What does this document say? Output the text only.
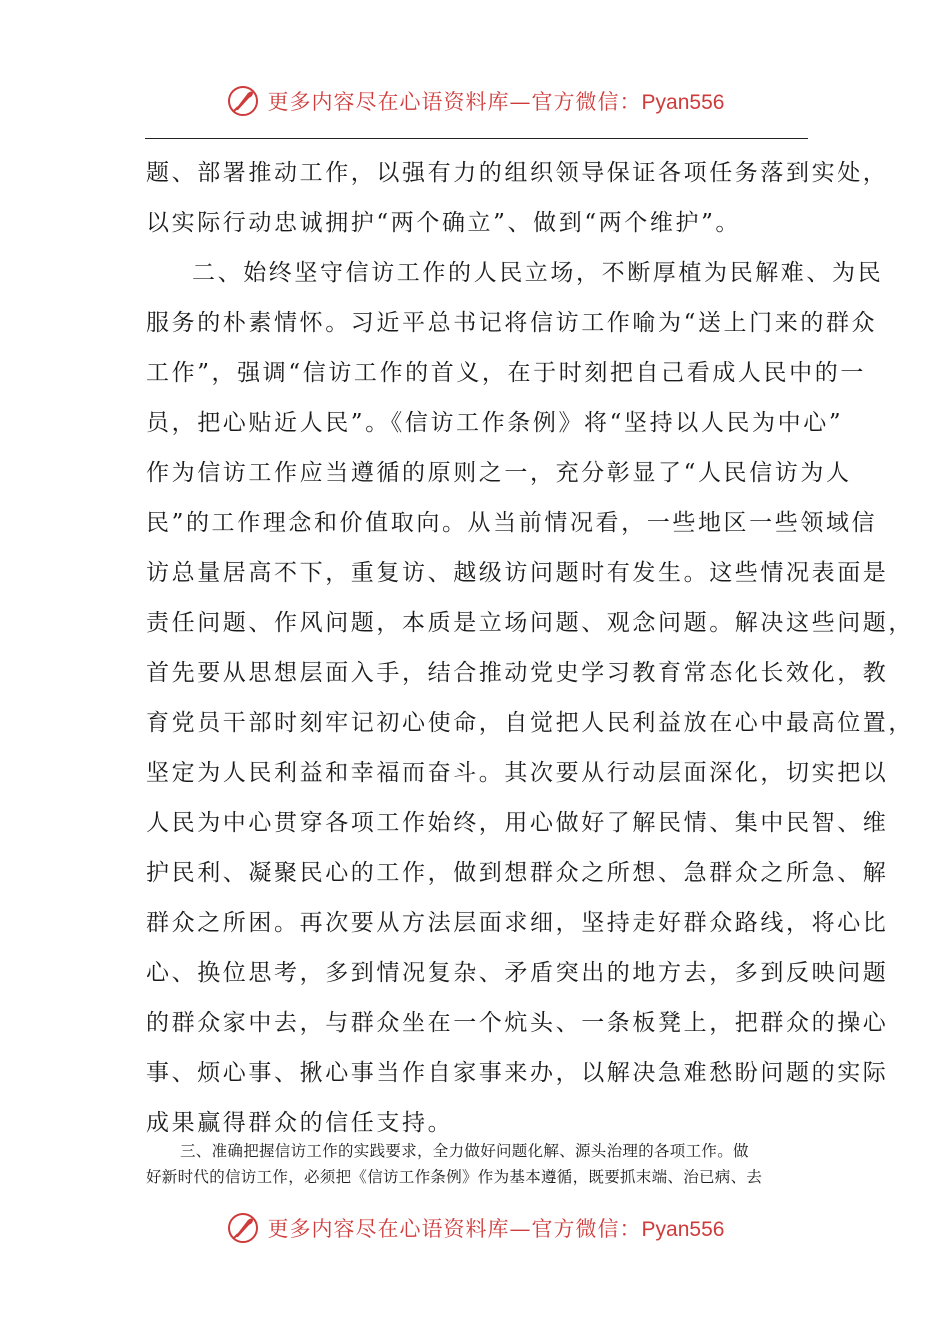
更多内容尽在心语资料库—官方微信：Pyan556
题、部署推动工作，以强有力的组织领导保证各项任务落到实处，
以实际行动忠诚拥护“两个确立”、做到“两个维护”。
二、始终坚守信访工作的人民立场，不断厚植为民解难、为民
服务的朴素情怀。习近平总书记将信访工作喻为“送上门来的群众
工作”，强调“信访工作的首义，在于时刻把自己看成人民中的一
员，把心贴近人民”。《信访工作条例》将“坚持以人民为中心”
作为信访工作应当遵循的原则之一，充分彰显了“人民信访为人
民”的工作理念和价值取向。从当前情况看，一些地区一些领域信
访总量居高不下，重复访、越级访问题时有发生。这些情况表面是
责任问题、作风问题，本质是立场问题、观念问题。解决这些问题，
首先要从思想层面入手，结合推动党史学习教育常态化长效化，教
育党员干部时刻牢记初心使命，自觉把人民利益放在心中最高位置，
坚定为人民利益和幸福而奋斗。其次要从行动层面深化，切实把以
人民为中心贯穿各项工作始终，用心做好了解民情、集中民智、维
护民利、凝聚民心的工作，做到想群众之所想、急群众之所急、解
群众之所困。再次要从方法层面求细，坚持走好群众路线，将心比
心、换位思考，多到情况复杂、矛盾突出的地方去，多到反映问题
的群众家中去，与群众坐在一个炕头、一条板凳上，把群众的操心
事、烦心事、揪心事当作自家事来办，以解决急难愁盼问题的实际
成果赢得群众的信任支持。
三、准确把握信访工作的实践要求，全力做好问题化解、源头治理的各项工作。做
好新时代的信访工作，必须把《信访工作条例》作为基本遵循，既要抓末端、治已病、去
更多内容尽在心语资料库—官方微信：Pyan556
